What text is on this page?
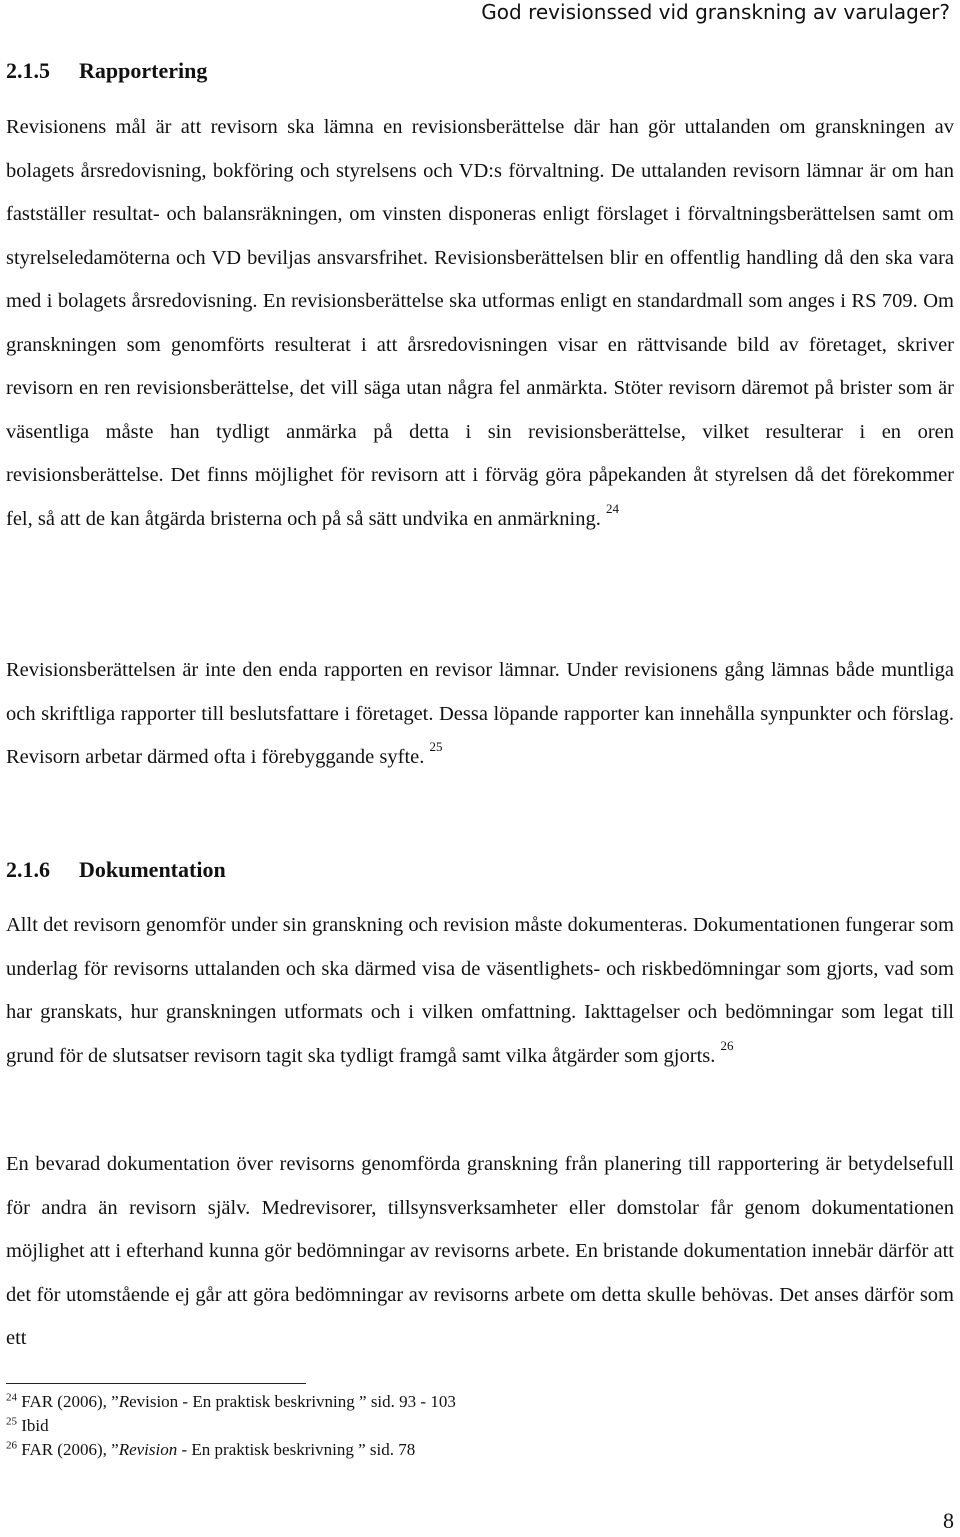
God revisionssed vid granskning av varulager?
2.1.5 Rapportering

Revisionens mål är att revisorn ska lämna en revisionsberättelse där han gör uttalanden om granskningen av bolagets årsredovisning, bokföring och styrelsens och VD:s förvaltning. De uttalanden revisorn lämnar är om han fastställer resultat- och balansräkningen, om vinsten disponeras enligt förslaget i förvaltningsberättelsen samt om styrelseledamöterna och VD beviljas ansvarsfrihet. Revisionsberättelsen blir en offentlig handling då den ska vara med i bolagets årsredovisning. En revisionsberättelse ska utformas enligt en standardmall som anges i RS 709. Om granskningen som genomförts resulterat i att årsredovisningen visar en rättvisande bild av företaget, skriver revisorn en ren revisionsberättelse, det vill säga utan några fel anmärkta. Stöter revisorn däremot på brister som är väsentliga måste han tydligt anmärka på detta i sin revisionsberättelse, vilket resulterar i en oren revisionsberättelse. Det finns möjlighet för revisorn att i förväg göra påpekanden åt styrelsen då det förekommer fel, så att de kan åtgärda bristerna och på så sätt undvika en anmärkning. $^{24}$

Revisionsberättelsen är inte den enda rapporten en revisor lämnar. Under revisionens gång lämnas både muntliga och skriftliga rapporter till beslutsfattare i företaget. Dessa löpande rapporter kan innehålla synpunkter och förslag. Revisorn arbetar därmed ofta i förebyggande syfte. $^{25}$

2.1.6 Dokumentation

Allt det revisorn genomför under sin granskning och revision måste dokumenteras. Dokumentationen fungerar som underlag för revisorns uttalanden och ska därmed visa de väsentlighets- och riskbedömningar som gjorts, vad som har granskats, hur granskningen utformats och i vilken omfattning. Iakttagelser och bedömningar som legat till grund för de slutsatser revisorn tagit ska tydligt framgå samt vilka åtgärder som gjorts. $^{26}$

En bevarad dokumentation över revisorns genomförda granskning från planering till rapportering är betydelsefull för andra än revisorn själv. Medrevisorer, tillsynsverksamheter eller domstolar får genom dokumentationen möjlighet att i efterhand kunna gör bedömningar av revisorns arbete. En bristande dokumentation innebär därför att det för utomstående ej går att göra bedömningar av revisorns arbete om detta skulle behövas. Det anses därför som ett

$^{24}$ FAR (2006), ”Revision - En praktisk beskrivning ” sid. 93 - 103
$^{25}$ Ibid
$^{26}$ FAR (2006), ”Revision - En praktisk beskrivning ” sid. 78
8
